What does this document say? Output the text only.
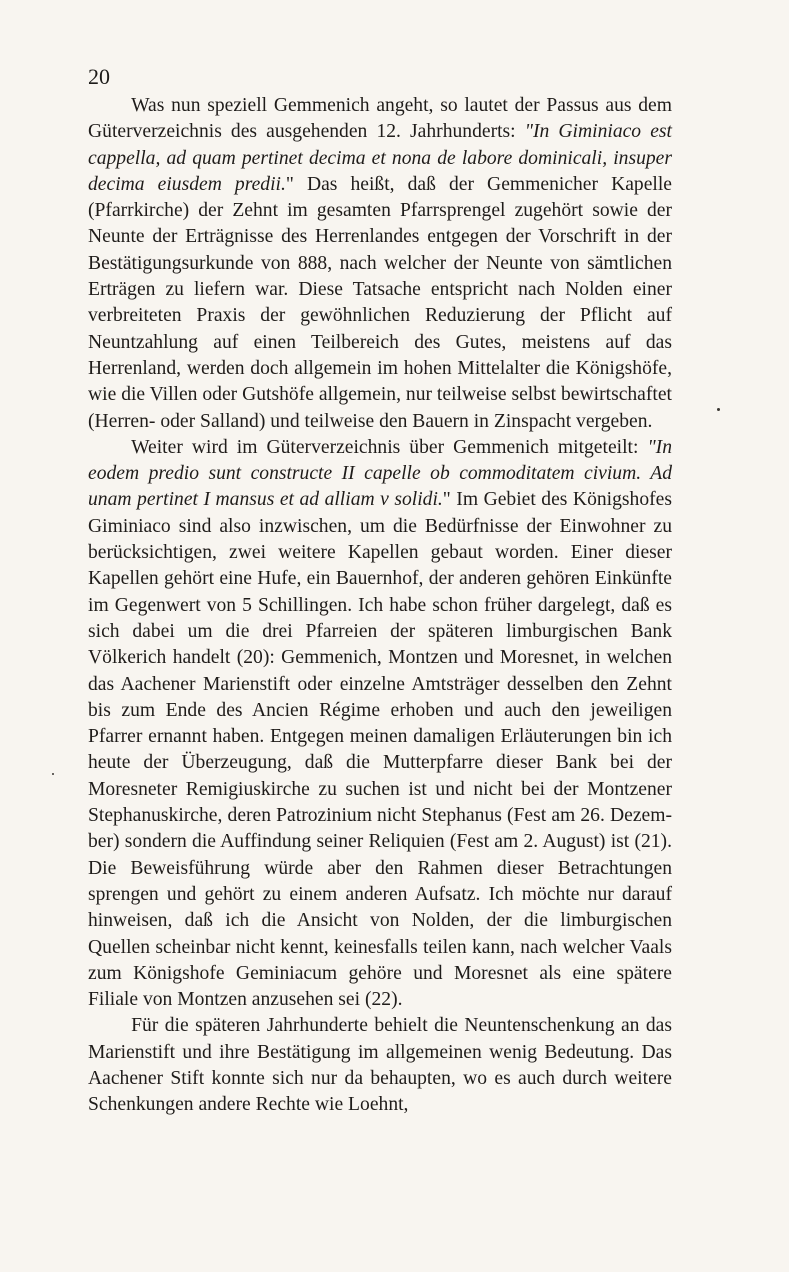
20

Was nun speziell Gemmenich angeht, so lautet der Passus aus dem Güterverzeichnis des ausgehenden 12. Jahrhunderts: "In Giminiaco est cappella, ad quam pertinet decima et nona de labore dominicali, insuper decima eiusdem predii." Das heißt, daß der Gemmenicher Kapelle (Pfarrkirche) der Zehnt im gesamten Pfarrsprengel zugehört sowie der Neunte der Erträgnisse des Herrenlandes entgegen der Vorschrift in der Bestätigungsurkunde von 888, nach welcher der Neunte von sämtlichen Erträgen zu liefern war. Diese Tatsache entspricht nach Nolden einer verbreiteten Praxis der gewöhnlichen Reduzierung der Pflicht auf Neuntzahlung auf einen Teilbereich des Gutes, meistens auf das Herrenland, werden doch allgemein im hohen Mittelalter die Königshöfe, wie die Villen oder Gutshöfe allgemein, nur teilweise selbst bewirtschaftet (Herren- oder Salland) und teilweise den Bauern in Zinspacht vergeben.

Weiter wird im Güterverzeichnis über Gemmenich mitgeteilt: "In eodem predio sunt constructe II capelle ob commoditatem civium. Ad unam pertinet I mansus et ad alliam v solidi." Im Gebiet des Königshofes Giminiaco sind also inzwischen, um die Bedürfnisse der Einwohner zu berücksichtigen, zwei weitere Kapellen gebaut worden. Einer dieser Kapellen gehört eine Hufe, ein Bauernhof, der anderen gehören Einkünfte im Gegenwert von 5 Schillingen. Ich habe schon früher dargelegt, daß es sich dabei um die drei Pfarreien der späteren limburgischen Bank Völkerich handelt (20): Gemmenich, Montzen und Moresnet, in welchen das Aachener Marienstift oder einzelne Amtsträger desselben den Zehnt bis zum Ende des Ancien Régime erhoben und auch den jeweiligen Pfarrer ernannt haben. Entgegen meinen damaligen Erläuterungen bin ich heute der Überzeugung, daß die Mutterpfarre dieser Bank bei der Moresneter Remigiuskirche zu suchen ist und nicht bei der Montzener Stephanuskirche, deren Patrozinium nicht Stephanus (Fest am 26. Dezember) sondern die Auffindung seiner Reliquien (Fest am 2. August) ist (21). Die Beweisführung würde aber den Rahmen dieser Betrachtungen sprengen und gehört zu einem anderen Aufsatz. Ich möchte nur darauf hinweisen, daß ich die Ansicht von Nolden, der die limburgischen Quellen scheinbar nicht kennt, keinesfalls teilen kann, nach welcher Vaals zum Königshofe Geminiacum gehöre und Moresnet als eine spätere Filiale von Montzen anzusehen sei (22).

Für die späteren Jahrhunderte behielt die Neuntenschenkung an das Marienstift und ihre Bestätigung im allgemeinen wenig Bedeutung. Das Aachener Stift konnte sich nur da behaupten, wo es auch durch weitere Schenkungen andere Rechte wie Loehnt,
